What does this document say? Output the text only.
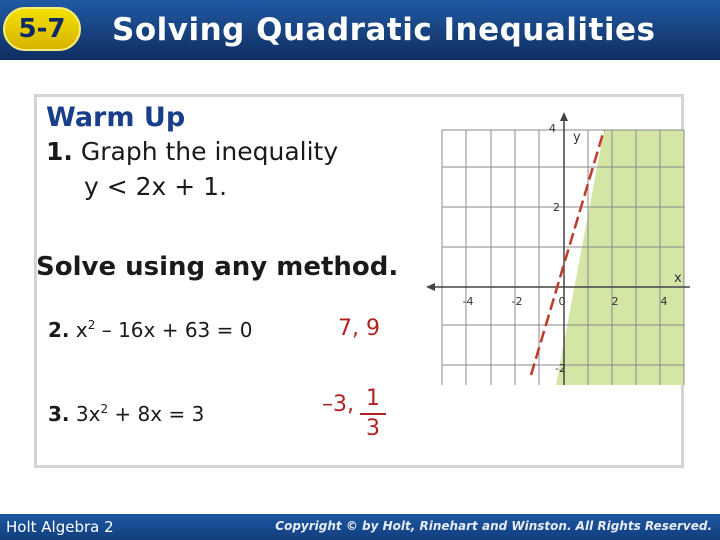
5-7	Solving Quadratic Inequalities
Warm Up
1. Graph the inequality
y < 2x + 1.
Solve using any method.
2. $x^2 - 16x + 63 = 0$	7, 9
3. $3x^2 + 8x = 3$	–3, 1
3
-4	-2	0	2	4
4
2
-2
x
y
Holt Algebra 2	Copyright © by Holt, Rinehart and Winston. All Rights Reserved.
